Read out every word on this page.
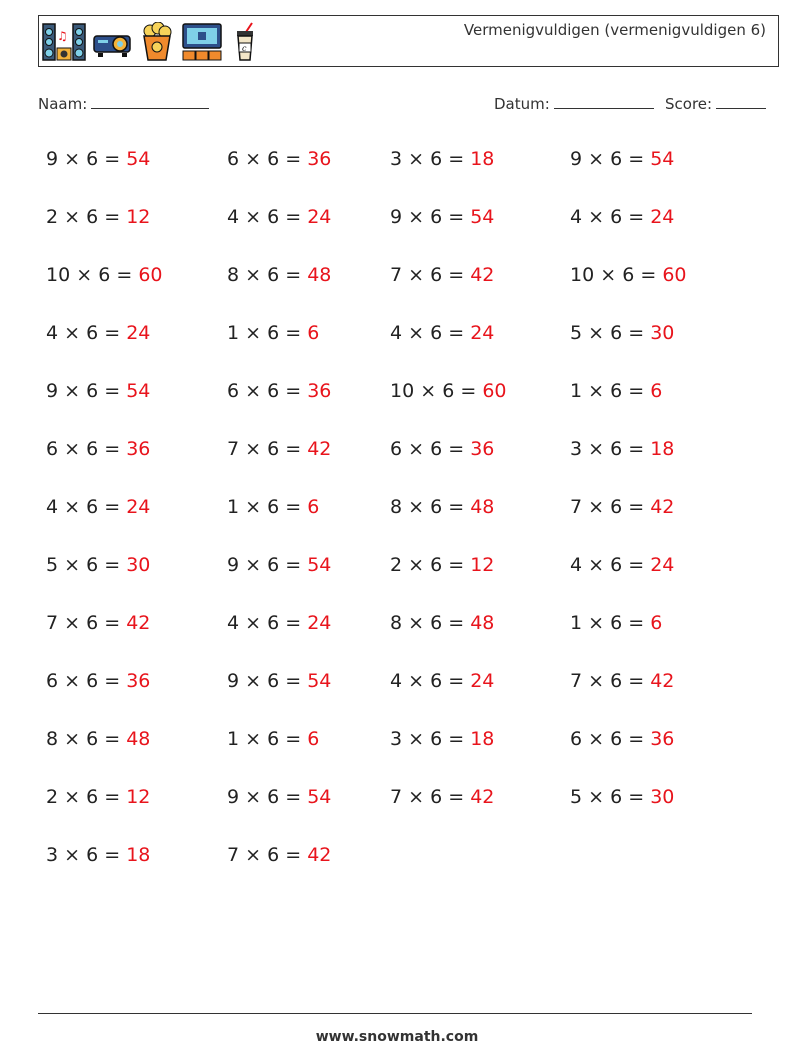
♫
c
Vermenigvuldigen (vermenigvuldigen 6)
Naam:	Datum:	Score:
9 × 6 = 54	6 × 6 = 36	3 × 6 = 18	9 × 6 = 54
2 × 6 = 12	4 × 6 = 24	9 × 6 = 54	4 × 6 = 24
10 × 6 = 60	8 × 6 = 48	7 × 6 = 42	10 × 6 = 60
4 × 6 = 24	1 × 6 = 6	4 × 6 = 24	5 × 6 = 30
9 × 6 = 54	6 × 6 = 36	10 × 6 = 60	1 × 6 = 6
6 × 6 = 36	7 × 6 = 42	6 × 6 = 36	3 × 6 = 18
4 × 6 = 24	1 × 6 = 6	8 × 6 = 48	7 × 6 = 42
5 × 6 = 30	9 × 6 = 54	2 × 6 = 12	4 × 6 = 24
7 × 6 = 42	4 × 6 = 24	8 × 6 = 48	1 × 6 = 6
6 × 6 = 36	9 × 6 = 54	4 × 6 = 24	7 × 6 = 42
8 × 6 = 48	1 × 6 = 6	3 × 6 = 18	6 × 6 = 36
2 × 6 = 12	9 × 6 = 54	7 × 6 = 42	5 × 6 = 30
3 × 6 = 18	7 × 6 = 42
www.snowmath.com
